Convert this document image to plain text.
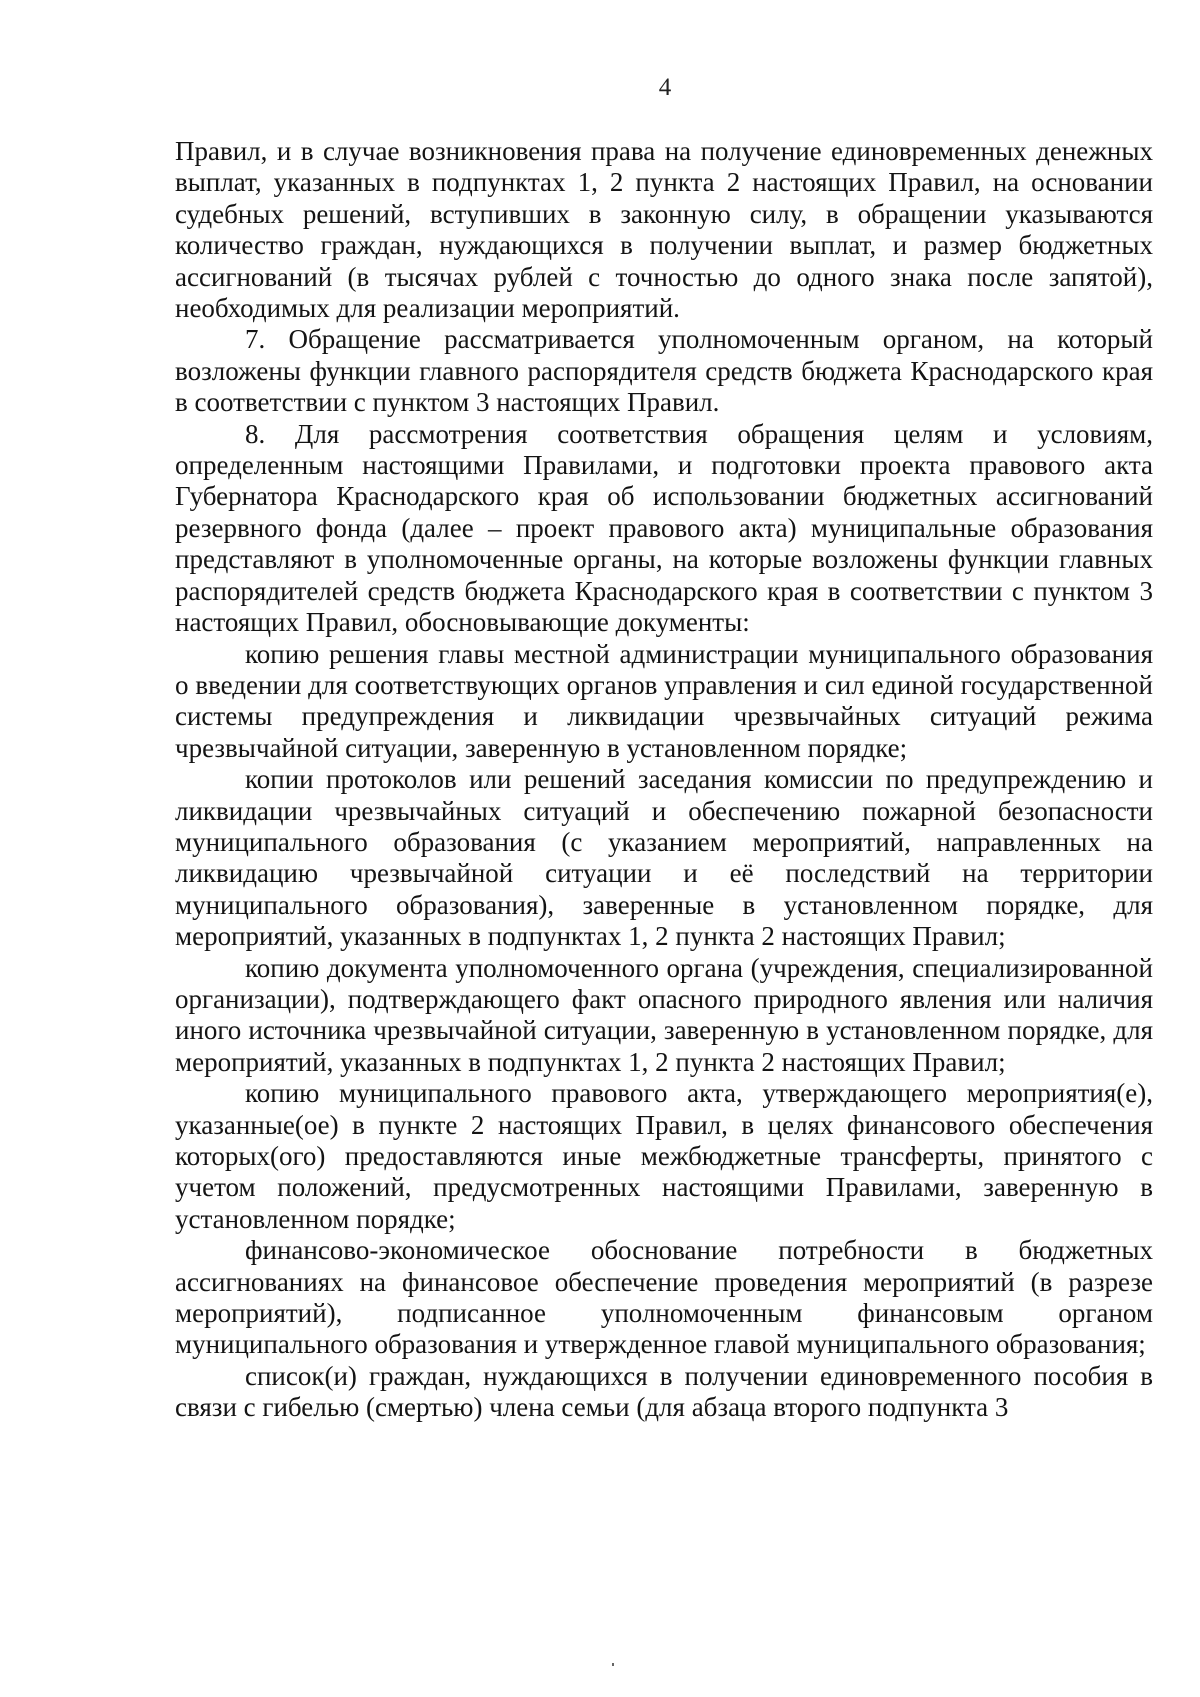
4

Правил, и в случае возникновения права на получение единовременных денежных выплат, указанных в подпунктах 1, 2 пункта 2 настоящих Правил, на основании судебных решений, вступивших в законную силу, в обращении указываются количество граждан, нуждающихся в получении выплат, и размер бюджетных ассигнований (в тысячах рублей с точностью до одного знака после запятой), необходимых для реализации мероприятий.

7. Обращение рассматривается уполномоченным органом, на который возложены функции главного распорядителя средств бюджета Краснодарского края в соответствии с пунктом 3 настоящих Правил.

8. Для рассмотрения соответствия обращения целям и условиям, определенным настоящими Правилами, и подготовки проекта правового акта Губернатора Краснодарского края об использовании бюджетных ассигнований резервного фонда (далее – проект правового акта) муниципальные образования представляют в уполномоченные органы, на которые возложены функции главных распорядителей средств бюджета Краснодарского края в соответствии с пунктом 3 настоящих Правил, обосновывающие документы:

копию решения главы местной администрации муниципального образования о введении для соответствующих органов управления и сил единой государственной системы предупреждения и ликвидации чрезвычайных ситуаций режима чрезвычайной ситуации, заверенную в установленном порядке;

копии протоколов или решений заседания комиссии по предупреждению и ликвидации чрезвычайных ситуаций и обеспечению пожарной безопасности муниципального образования (с указанием мероприятий, направленных на ликвидацию чрезвычайной ситуации и её последствий на территории муниципального образования), заверенные в установленном порядке, для мероприятий, указанных в подпунктах 1, 2 пункта 2 настоящих Правил;

копию документа уполномоченного органа (учреждения, специализированной организации), подтверждающего факт опасного природного явления или наличия иного источника чрезвычайной ситуации, заверенную в установленном порядке, для мероприятий, указанных в подпунктах 1, 2 пункта 2 настоящих Правил;

копию муниципального правового акта, утверждающего мероприятия(е), указанные(ое) в пункте 2 настоящих Правил, в целях финансового обеспечения которых(ого) предоставляются иные межбюджетные трансферты, принятого с учетом положений, предусмотренных настоящими Правилами, заверенную в установленном порядке;

финансово-экономическое обоснование потребности в бюджетных ассигнованиях на финансовое обеспечение проведения мероприятий (в разрезе мероприятий), подписанное уполномоченным финансовым органом муниципального образования и утвержденное главой муниципального образования;

список(и) граждан, нуждающихся в получении единовременного пособия в связи с гибелью (смертью) члена семьи (для абзаца второго подпункта 3
